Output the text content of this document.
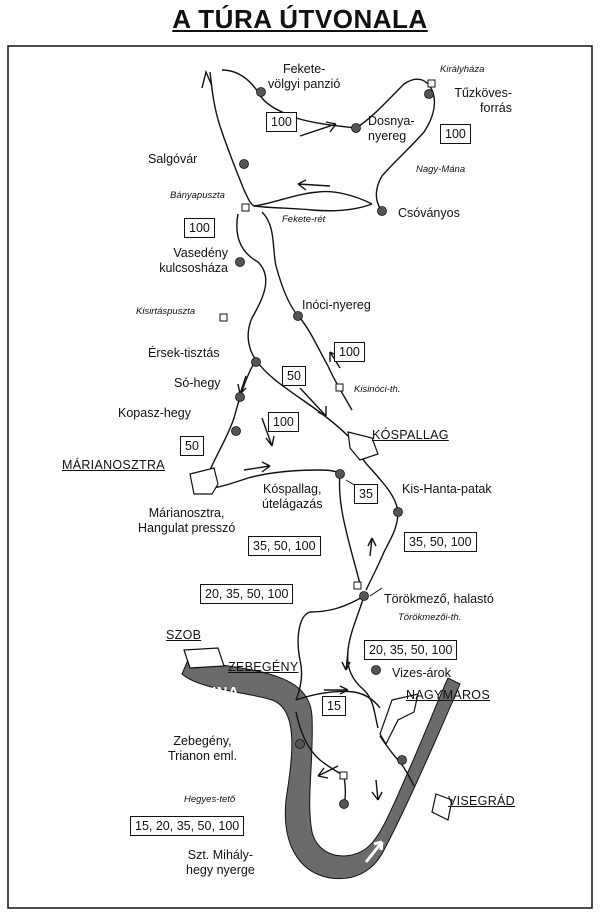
A TÚRA ÚTVONALA
Fekete-
völgyi panzió
Királyháza
Tűzköves-
forrás
Dosnya-
nyereg
Salgóvár
Nagy-Mána
Bányapuszta
Fekete-rét	Csóványos
Vasedény
kulcsosháza
Kisirtáspuszta	Inóci-nyereg
Érsek-tisztás
Só-hegy	Kisinóci-th.
Kopasz-hegy
KÓSPALLAG
MÁRIANOSZTRA
Kis-Hanta-patak
Kóspallag,
útelágazás
Márianosztra,
Hangulat presszó
Törökmező, halastó
Törökmezői-th.
SZOB
ZEBEGÉNY	Vizes-árok
DUNA	NAGYMAROS
Zebegény,
Trianon eml.
Hegyes-tető	VISEGRÁD
Szt. Mihály-
hegy nyerge
100
100
100
100
50
100
50
35
35, 50, 100
35, 50, 100
20, 35, 50, 100
20, 35, 50, 100
15
15, 20, 35, 50, 100
